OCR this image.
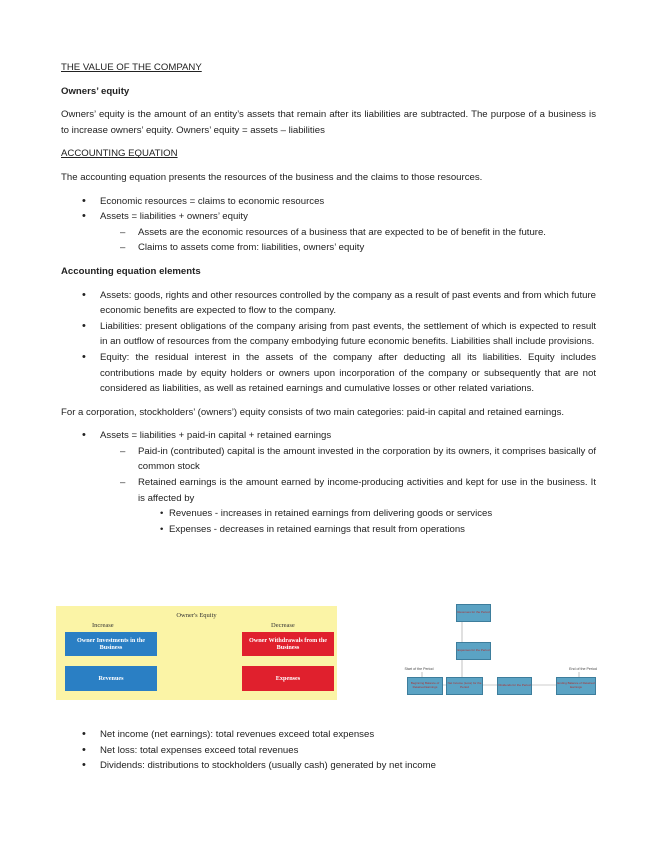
THE VALUE OF THE COMPANY

Owners’ equity

Owners’ equity is the amount of an entity’s assets that remain after its liabilities are subtracted. The purpose of a business is to increase owners’ equity. Owners’ equity = assets – liabilities

ACCOUNTING EQUATION

The accounting equation presents the resources of the business and the claims to those resources.

• Economic resources = claims to economic resources
• Assets = liabilities + owners’ equity
– Assets are the economic resources of a business that are expected to be of benefit in the future.
– Claims to assets come from: liabilities, owners’ equity

Accounting equation elements

• Assets: goods, rights and other resources controlled by the company as a result of past events and from which future economic benefits are expected to flow to the company.
• Liabilities: present obligations of the company arising from past events, the settlement of which is expected to result in an outflow of resources from the company embodying future economic benefits. Liabilities shall include provisions.
• Equity: the residual interest in the assets of the company after deducting all its liabilities. Equity includes contributions made by equity holders or owners upon incorporation of the company or subsequently that are not considered as liabilities, as well as retained earnings and cumulative losses or other related variations.

For a corporation, stockholders’ (owners’) equity consists of two main categories: paid-in capital and retained earnings.

• Assets = liabilities + paid-in capital + retained earnings
– Paid-in (contributed) capital is the amount invested in the corporation by its owners, it comprises basically of common stock
– Retained earnings is the amount earned by income-producing activities and kept for use in the business. It is affected by
• Revenues - increases in retained earnings from delivering goods or services
• Expenses - decreases in retained earnings that result from operations
Owner's Equity
Increase	Decrease
Owner Investments in the Business
Owner Withdrawals from the Business
Revenues	Expenses
Revenues for the Period
Expenses for the Period
Start of the Period	End of the Period
Beginning Balance of Retained Earnings
Net Income (Loss) for the Period	Dividends for the Period	Ending Balance of Retained Earnings
• Net income (net earnings): total revenues exceed total expenses
• Net loss: total expenses exceed total revenues
• Dividends: distributions to stockholders (usually cash) generated by net income
